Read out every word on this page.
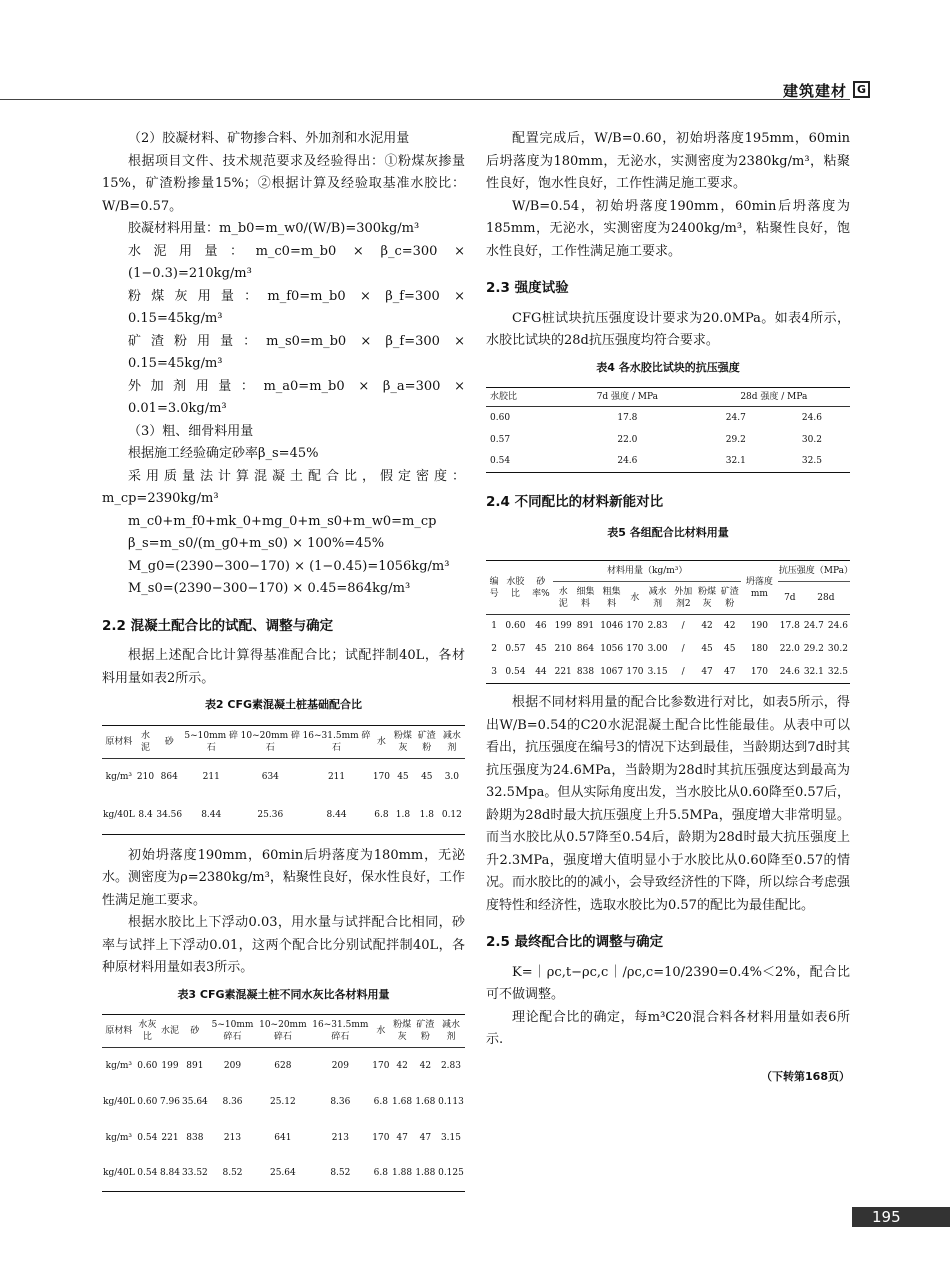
建筑建材 G

（2）胶凝材料、矿物掺合料、外加剂和水泥用量

根据项目文件、技术规范要求及经验得出：①粉煤灰掺量15%，矿渣粉掺量15%；②根据计算及经验取基准水胶比：W/B=0.57。

胶凝材料用量：m_b0=m_w0/(W/B)=300kg/m³

水泥用量：m_c0=m_b0 × β_c=300 × (1−0.3)=210kg/m³

粉煤灰用量：m_f0=m_b0 × β_f=300 × 0.15=45kg/m³

矿渣粉用量：m_s0=m_b0 × β_f=300 × 0.15=45kg/m³

外加剂用量：m_a0=m_b0 × β_a=300 × 0.01=3.0kg/m³

（3）粗、细骨料用量

根据施工经验确定砂率β_s=45%

采用质量法计算混凝土配合比，假定密度：m_cp=2390kg/m³

m_c0+m_f0+mk_0+mg_0+m_s0+m_w0=m_cp

β_s=m_s0/(m_g0+m_s0) × 100%=45%

M_g0=(2390−300−170) × (1−0.45)=1056kg/m³

M_s0=(2390−300−170) × 0.45=864kg/m³

2.2 混凝土配合比的试配、调整与确定

根据上述配合比计算得基准配合比；试配拌制40L，各材料用量如表2所示。

表2 CFG素混凝土桩基础配合比
原材料	水泥	砂	5~10mm 碎石	10~20mm 碎石	16~31.5mm 碎石	水	粉煤灰	矿渣粉	减水剂
kg/m³	210	864	211	634	211	170	45	45	3.0
kg/40L	8.4	34.56	8.44	25.36	8.44	6.8	1.8	1.8	0.12

初始坍落度190mm，60min后坍落度为180mm，无泌水。测密度为ρ=2380kg/m³，粘聚性良好，保水性良好，工作性满足施工要求。

根据水胶比上下浮动0.03，用水量与试拌配合比相同，砂率与试拌上下浮动0.01，这两个配合比分别试配拌制40L，各种原材料用量如表3所示。

表3 CFG素混凝土桩不同水灰比各材料用量
原材料	水灰比	水泥	砂	5~10mm 碎石	10~20mm 碎石	16~31.5mm 碎石	水	粉煤灰	矿渣粉	减水剂
kg/m³	0.60	199	891	209	628	209	170	42	42	2.83
kg/40L	0.60	7.96	35.64	8.36	25.12	8.36	6.8	1.68	1.68	0.113
kg/m³	0.54	221	838	213	641	213	170	47	47	3.15
kg/40L	0.54	8.84	33.52	8.52	25.64	8.52	6.8	1.88	1.88	0.125

配置完成后，W/B=0.60，初始坍落度195mm，60min后坍落度为180mm，无泌水，实测密度为2380kg/m³，粘聚性良好，饱水性良好，工作性满足施工要求。

W/B=0.54，初始坍落度190mm，60min后坍落度为185mm，无泌水，实测密度为2400kg/m³，粘聚性良好，饱水性良好，工作性满足施工要求。

2.3 强度试验

CFG桩试块抗压强度设计要求为20.0MPa。如表4所示，水胶比试块的28d抗压强度均符合要求。

表4 各水胶比试块的抗压强度
水胶比	7d 强度 / MPa	28d 强度 / MPa	
0.60	17.8	24.7	24.6
0.57	22.0	29.2	30.2
0.54	24.6	32.1	32.5
2.4 不同配比的材料新能对比
表5 各组配合比材料用量
编号	水胶比	砂率%	材料用量（kg/m³）								坍落度 mm	抗压强度（MPa）		
			水泥	细集料	粗集料	水	减水剂	外加剂2	粉煤灰	矿渣粉		7d	28d	
1	0.60	46	199	891	1046	170	2.83	/	42	42	190	17.8	24.7	24.6
2	0.57	45	210	864	1056	170	3.00	/	45	45	180	22.0	29.2	30.2
3	0.54	44	221	838	1067	170	3.15	/	47	47	170	24.6	32.1	32.5

根据不同材料用量的配合比参数进行对比，如表5所示，得出W/B=0.54的C20水泥混凝土配合比性能最佳。从表中可以看出，抗压强度在编号3的情况下达到最佳，当龄期达到7d时其抗压强度为24.6MPa，当龄期为28d时其抗压强度达到最高为32.5Mpa。但从实际角度出发，当水胶比从0.60降至0.57后，龄期为28d时最大抗压强度上升5.5MPa，强度增大非常明显。而当水胶比从0.57降至0.54后，龄期为28d时最大抗压强度上升2.3MPa，强度增大值明显小于水胶比从0.60降至0.57的情况。而水胶比的的减小，会导致经济性的下降，所以综合考虑强度特性和经济性，选取水胶比为0.57的配比为最佳配比。

2.5 最终配合比的调整与确定

K=｜ρc,t−ρc,c｜/ρc,c=10/2390=0.4%＜2%，配合比可不做调整。

理论配合比的确定，每m³C20混合料各材料用量如表6所示.

（下转第168页）
195
